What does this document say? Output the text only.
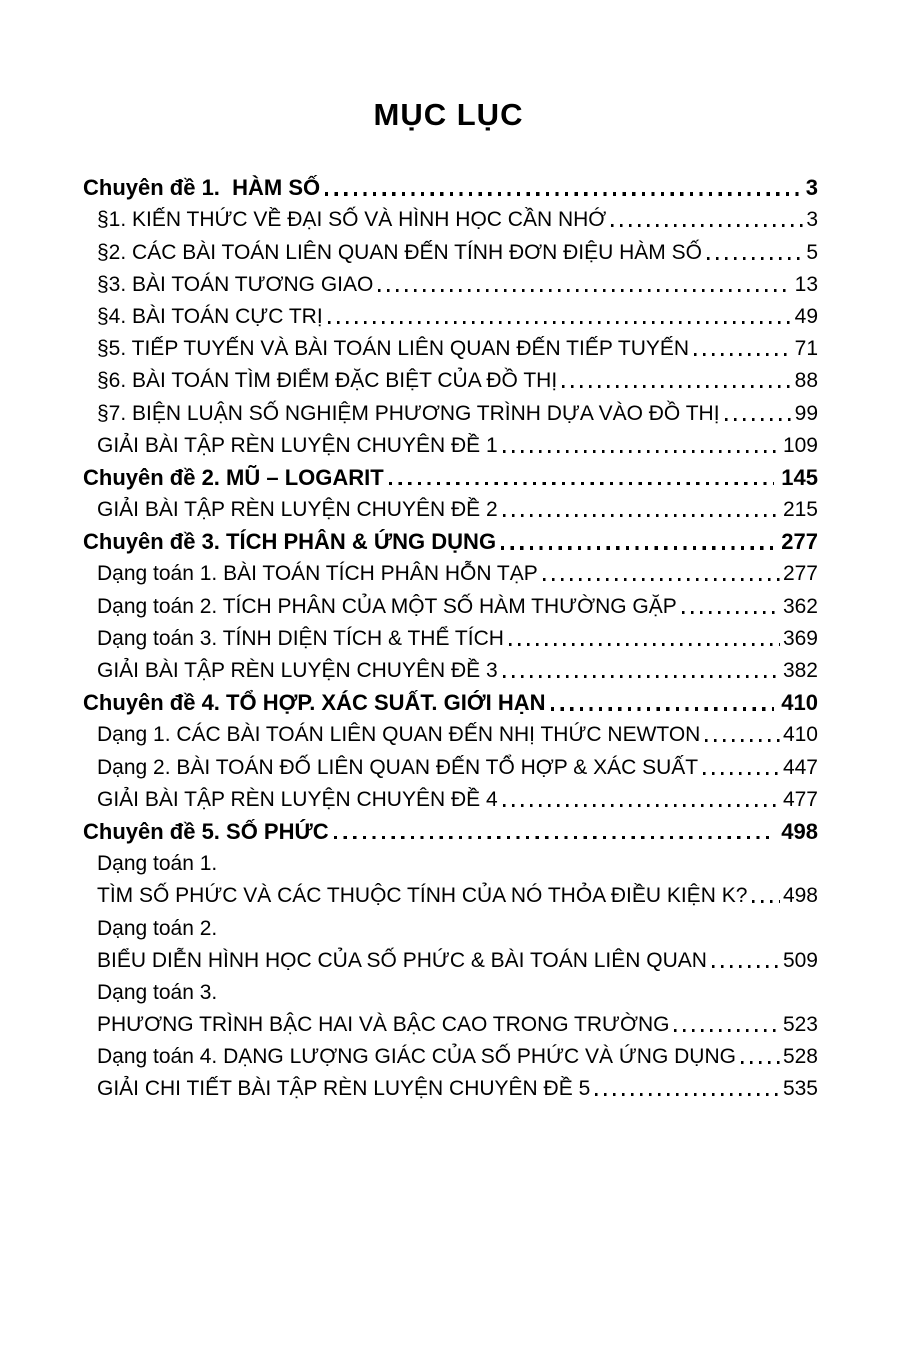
MỤC LỤC
Chuyên đề 1.  HÀM SỐ	3
§1. KIẾN THỨC VỀ ĐẠI SỐ VÀ HÌNH HỌC CẦN NHỚ	3
§2. CÁC BÀI TOÁN LIÊN QUAN ĐẾN TÍNH ĐƠN ĐIỆU HÀM SỐ	5
§3. BÀI TOÁN TƯƠNG GIAO	13
§4. BÀI TOÁN CỰC TRỊ	49
§5. TIẾP TUYẾN VÀ BÀI TOÁN LIÊN QUAN ĐẾN TIẾP TUYẾN	71
§6. BÀI TOÁN TÌM ĐIỂM ĐẶC BIỆT CỦA ĐỒ THỊ	88
§7. BIỆN LUẬN SỐ NGHIỆM PHƯƠNG TRÌNH DỰA VÀO ĐỒ THỊ	99
GIẢI BÀI TẬP RÈN LUYỆN CHUYÊN ĐỀ 1	109
Chuyên đề 2. MŨ – LOGARIT	145
GIẢI BÀI TẬP RÈN LUYỆN CHUYÊN ĐỀ 2	215
Chuyên đề 3. TÍCH PHÂN & ỨNG DỤNG	277
Dạng toán 1. BÀI TOÁN TÍCH PHÂN HỖN TẠP	277
Dạng toán 2. TÍCH PHÂN CỦA MỘT SỐ HÀM THƯỜNG GẶP	362
Dạng toán 3. TÍNH DIỆN TÍCH & THỂ TÍCH	369
GIẢI BÀI TẬP RÈN LUYỆN CHUYÊN ĐỀ 3	382
Chuyên đề 4. TỔ HỢP. XÁC SUẤT. GIỚI HẠN	410
Dạng 1. CÁC BÀI TOÁN LIÊN QUAN ĐẾN NHỊ THỨC NEWTON	410
Dạng 2. BÀI TOÁN ĐỐ LIÊN QUAN ĐẾN TỔ HỢP & XÁC SUẤT	447
GIẢI BÀI TẬP RÈN LUYỆN CHUYÊN ĐỀ 4	477
Chuyên đề 5. SỐ PHỨC	498
Dạng toán 1.
TÌM SỐ PHỨC VÀ CÁC THUỘC TÍNH CỦA NÓ THỎA ĐIỀU KIỆN K? 498
Dạng toán 2.
BIỂU DIỄN HÌNH HỌC CỦA SỐ PHỨC & BÀI TOÁN LIÊN QUAN	509
Dạng toán 3.
PHƯƠNG TRÌNH BẬC HAI VÀ BẬC CAO TRONG TRƯỜNG	523
Dạng toán 4. DẠNG LƯỢNG GIÁC CỦA SỐ PHỨC VÀ ỨNG DỤNG 528
GIẢI CHI TIẾT BÀI TẬP RÈN LUYỆN CHUYÊN ĐỀ 5	535
